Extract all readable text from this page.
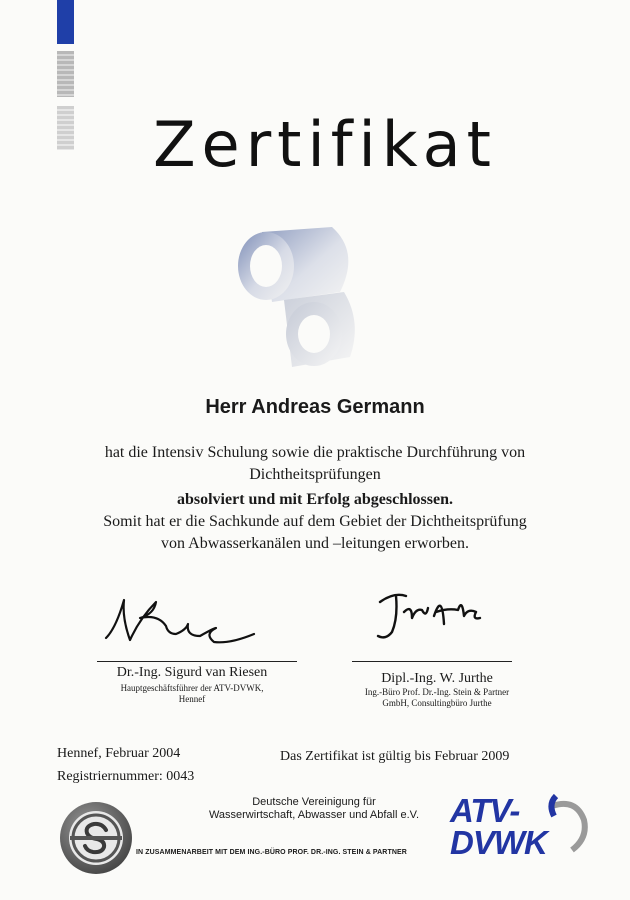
Zertifikat
Herr Andreas Germann
hat die Intensiv Schulung sowie die praktische Durchführung von
Dichtheitsprüfungen
absolviert und mit Erfolg abgeschlossen.
Somit hat er die Sachkunde auf dem Gebiet der Dichtheitsprüfung
von Abwasserkanälen und –leitungen erworben.
Dr.-Ing. Sigurd van Riesen
Hauptgeschäftsführer der ATV-DVWK,
Hennef
Dipl.-Ing. W. Jurthe
Ing.-Büro Prof. Dr.-Ing. Stein & Partner
GmbH, Consultingbüro Jurthe
Hennef, Februar 2004
Registriernummer: 0043
Das Zertifikat ist gültig bis Februar 2009
Deutsche Vereinigung für
Wasserwirtschaft, Abwasser und Abfall e.V.
IN ZUSAMMENARBEIT MIT DEM ING.-BÜRO PROF. DR.-ING. STEIN & PARTNER
ATV-
DVWK
